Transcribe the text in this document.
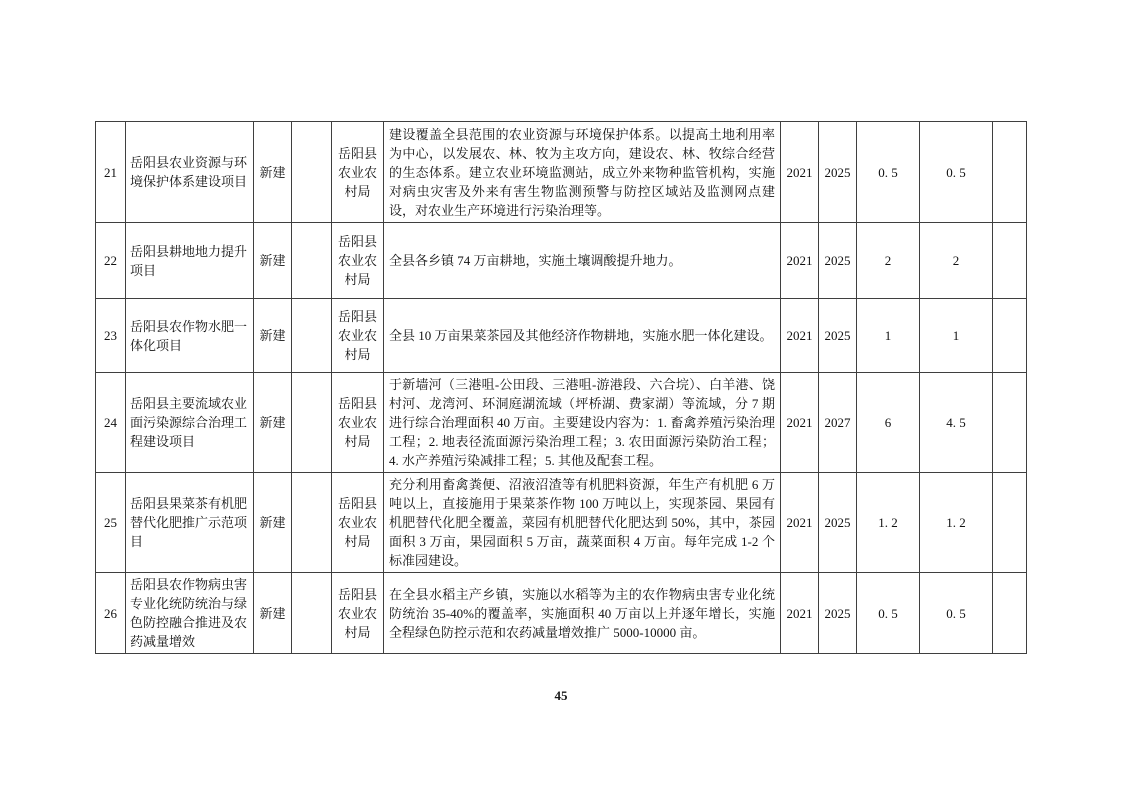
21	岳阳县农业资源与环境保护体系建设项目	新建		岳阳县农业农村局	建设覆盖全县范围的农业资源与环境保护体系。以提高土地利用率为中心，以发展农、林、牧为主攻方向，建设农、林、牧综合经营的生态体系。建立农业环境监测站，成立外来物种监管机构，实施对病虫灾害及外来有害生物监测预警与防控区域站及监测网点建设，对农业生产环境进行污染治理等。	2021	2025	0. 5	0. 5	
22	岳阳县耕地地力提升项目	新建		岳阳县农业农村局	全县各乡镇 74 万亩耕地，实施土壤调酸提升地力。	2021	2025	2	2	
23	岳阳县农作物水肥一体化项目	新建		岳阳县农业农村局	全县 10 万亩果菜茶园及其他经济作物耕地，实施水肥一体化建设。	2021	2025	1	1	
24	岳阳县主要流域农业面污染源综合治理工程建设项目	新建		岳阳县农业农村局	于新墙河（三港咀-公田段、三港咀-游港段、六合垸）、白羊港、饶村河、龙湾河、环洞庭湖流域（坪桥湖、费家湖）等流域，分 7 期进行综合治理面积 40 万亩。主要建设内容为：1. 畜禽养殖污染治理工程；2. 地表径流面源污染治理工程；3. 农田面源污染防治工程；4. 水产养殖污染减排工程；5. 其他及配套工程。	2021	2027	6	4. 5	
25	岳阳县果菜茶有机肥替代化肥推广示范项目	新建		岳阳县农业农村局	充分利用畜禽粪便、沼液沼渣等有机肥料资源，年生产有机肥 6 万吨以上，直接施用于果菜茶作物 100 万吨以上，实现茶园、果园有机肥替代化肥全覆盖，菜园有机肥替代化肥达到 50%，其中，茶园面积 3 万亩，果园面积 5 万亩，蔬菜面积 4 万亩。每年完成 1-2 个标准园建设。	2021	2025	1. 2	1. 2	
26	岳阳县农作物病虫害专业化统防统治与绿色防控融合推进及农药减量增效	新建		岳阳县农业农村局	在全县水稻主产乡镇，实施以水稻等为主的农作物病虫害专业化统防统治 35-40%的覆盖率，实施面积 40 万亩以上并逐年增长，实施全程绿色防控示范和农药减量增效推广 5000-10000 亩。	2021	2025	0. 5	0. 5	
45
